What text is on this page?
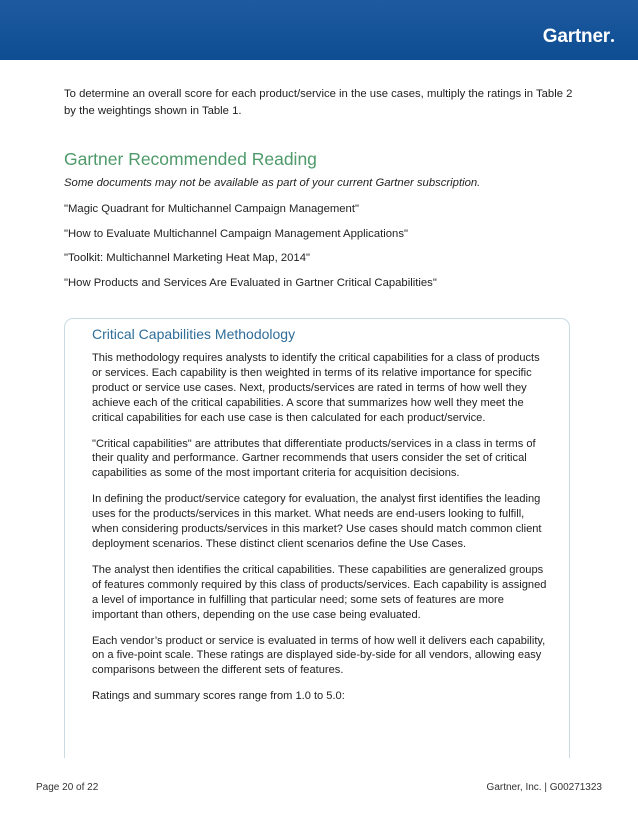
Gartner

To determine an overall score for each product/service in the use cases, multiply the ratings in Table 2 by the weightings shown in Table 1.

Gartner Recommended Reading

Some documents may not be available as part of your current Gartner subscription.

"Magic Quadrant for Multichannel Campaign Management"
"How to Evaluate Multichannel Campaign Management Applications"
"Toolkit: Multichannel Marketing Heat Map, 2014"
"How Products and Services Are Evaluated in Gartner Critical Capabilities"
Critical Capabilities Methodology

This methodology requires analysts to identify the critical capabilities for a class of products or services. Each capability is then weighted in terms of its relative importance for specific product or service use cases. Next, products/services are rated in terms of how well they achieve each of the critical capabilities. A score that summarizes how well they meet the critical capabilities for each use case is then calculated for each product/service.

"Critical capabilities" are attributes that differentiate products/services in a class in terms of their quality and performance. Gartner recommends that users consider the set of critical capabilities as some of the most important criteria for acquisition decisions.

In defining the product/service category for evaluation, the analyst first identifies the leading uses for the products/services in this market. What needs are end-users looking to fulfill, when considering products/services in this market? Use cases should match common client deployment scenarios. These distinct client scenarios define the Use Cases.

The analyst then identifies the critical capabilities. These capabilities are generalized groups of features commonly required by this class of products/services. Each capability is assigned a level of importance in fulfilling that particular need; some sets of features are more important than others, depending on the use case being evaluated.

Each vendor’s product or service is evaluated in terms of how well it delivers each capability, on a five-point scale. These ratings are displayed side-by-side for all vendors, allowing easy comparisons between the different sets of features.

Ratings and summary scores range from 1.0 to 5.0:

Page 20 of 22	Gartner, Inc. | G00271323
